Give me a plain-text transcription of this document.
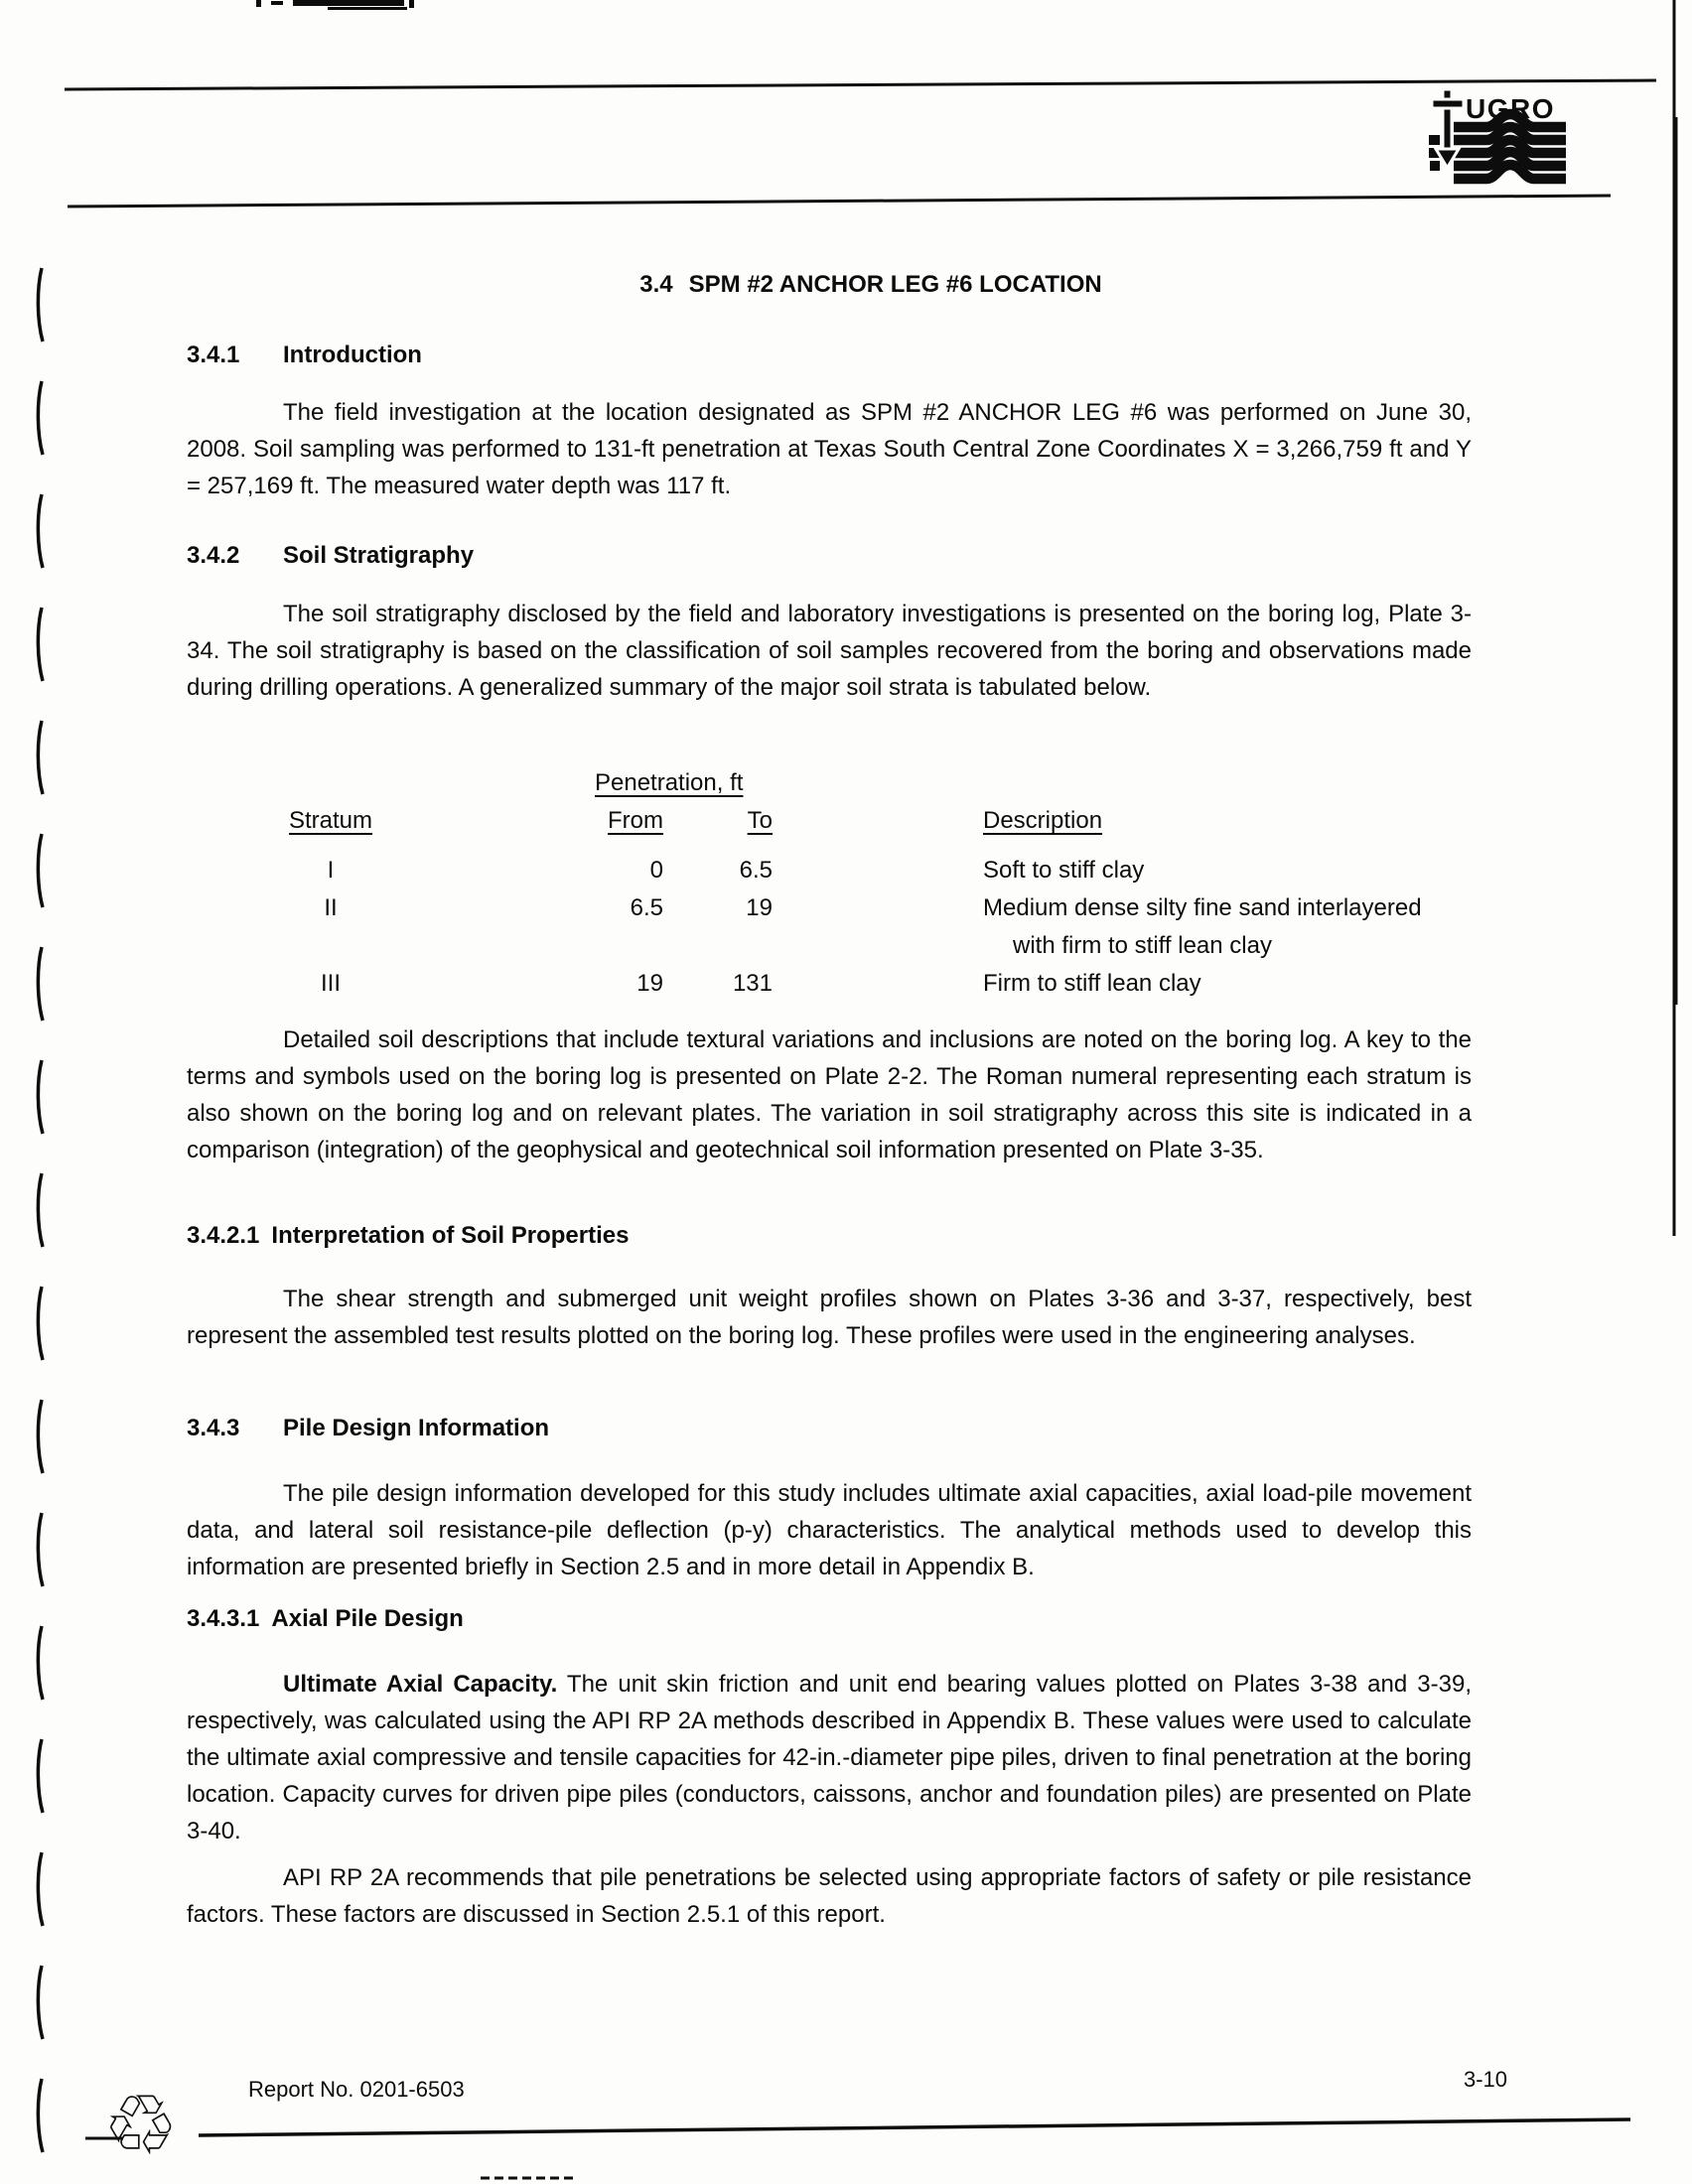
UGRO
3.4 SPM #2 ANCHOR LEG #6 LOCATION
3.4.1 Introduction
The field investigation at the location designated as SPM #2 ANCHOR LEG #6 was performed on June 30, 2008. Soil sampling was performed to 131-ft penetration at Texas South Central Zone Coordinates X = 3,266,759 ft and Y = 257,169 ft. The measured water depth was 117 ft.
3.4.2 Soil Stratigraphy
The soil stratigraphy disclosed by the field and laboratory investigations is presented on the boring log, Plate 3-34. The soil stratigraphy is based on the classification of soil samples recovered from the boring and observations made during drilling operations. A generalized summary of the major soil strata is tabulated below.
Penetration, ft
Stratum	From	To	Description
I	0	6.5	Soft to stiff clay
II	6.5	19	Medium dense silty fine sand interlayered
with firm to stiff lean clay
III	19	131	Firm to stiff lean clay
Detailed soil descriptions that include textural variations and inclusions are noted on the boring log. A key to the terms and symbols used on the boring log is presented on Plate 2-2. The Roman numeral representing each stratum is also shown on the boring log and on relevant plates. The variation in soil stratigraphy across this site is indicated in a comparison (integration) of the geophysical and geotechnical soil information presented on Plate 3-35.
3.4.2.1 Interpretation of Soil Properties
The shear strength and submerged unit weight profiles shown on Plates 3-36 and 3-37, respectively, best represent the assembled test results plotted on the boring log. These profiles were used in the engineering analyses.
3.4.3 Pile Design Information
The pile design information developed for this study includes ultimate axial capacities, axial load-pile movement data, and lateral soil resistance-pile deflection (p-y) characteristics. The analytical methods used to develop this information are presented briefly in Section 2.5 and in more detail in Appendix B.
3.4.3.1 Axial Pile Design
Ultimate Axial Capacity. The unit skin friction and unit end bearing values plotted on Plates 3-38 and 3-39, respectively, was calculated using the API RP 2A methods described in Appendix B. These values were used to calculate the ultimate axial compressive and tensile capacities for 42-in.-diameter pipe piles, driven to final penetration at the boring location. Capacity curves for driven pipe piles (conductors, caissons, anchor and foundation piles) are presented on Plate 3-40.
API RP 2A recommends that pile penetrations be selected using appropriate factors of safety or pile resistance factors. These factors are discussed in Section 2.5.1 of this report.
Report No. 0201-6503	3-10
♲
